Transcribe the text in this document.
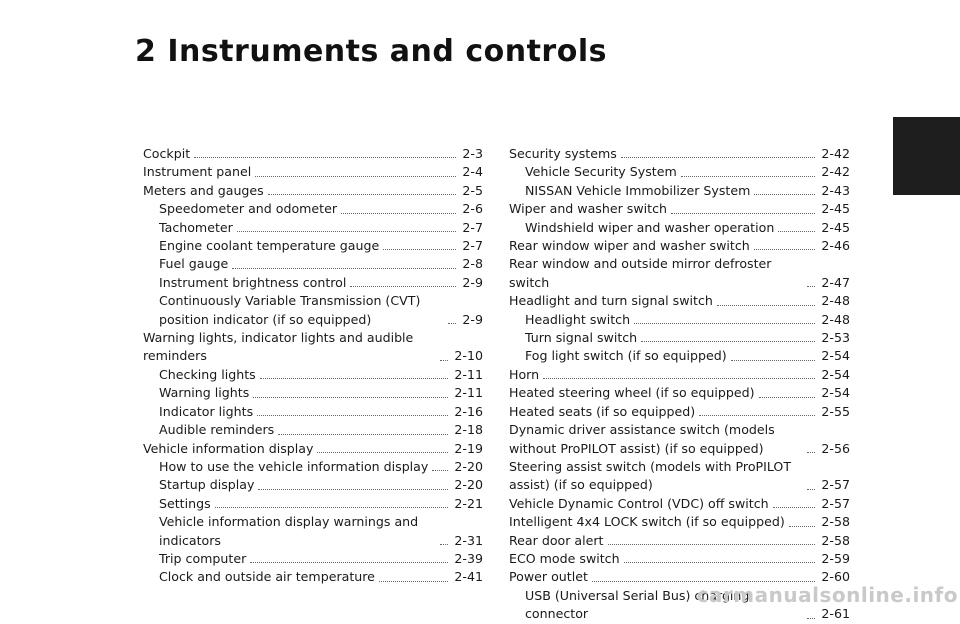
2 Instruments and controls
Cockpit	2-3
Instrument panel	2-4
Meters and gauges	2-5
Speedometer and odometer	2-6
Tachometer	2-7
Engine coolant temperature gauge	2-7
Fuel gauge	2-8
Instrument brightness control	2-9
Continuously Variable Transmission (CVT) position indicator (if so equipped)	2-9
Warning lights, indicator lights and audible reminders	2-10
Checking lights	2-11
Warning lights	2-11
Indicator lights	2-16
Audible reminders	2-18
Vehicle information display	2-19
How to use the vehicle information display 2-20
Startup display	2-20
Settings	2-21
Vehicle information display warnings and indicators	2-31
Trip computer	2-39
Clock and outside air temperature	2-41
Security systems	2-42
Vehicle Security System	2-42
NISSAN Vehicle Immobilizer System	2-43
Wiper and washer switch	2-45
Windshield wiper and washer operation	2-45
Rear window wiper and washer switch	2-46
Rear window and outside mirror defroster switch	2-47
Headlight and turn signal switch	2-48
Headlight switch	2-48
Turn signal switch	2-53
Fog light switch (if so equipped)	2-54
Horn	2-54
Heated steering wheel (if so equipped)	2-54
Heated seats (if so equipped)	2-55
Dynamic driver assistance switch (models without ProPILOT assist) (if so equipped)	2-56
Steering assist switch (models with ProPILOT assist) (if so equipped)	2-57
Vehicle Dynamic Control (VDC) off switch	2-57
Intelligent 4x4 LOCK switch (if so equipped)	2-58
Rear door alert	2-58
ECO mode switch	2-59
Power outlet	2-60
USB (Universal Serial Bus) charging connector	2-61
carmanualsonline.info
